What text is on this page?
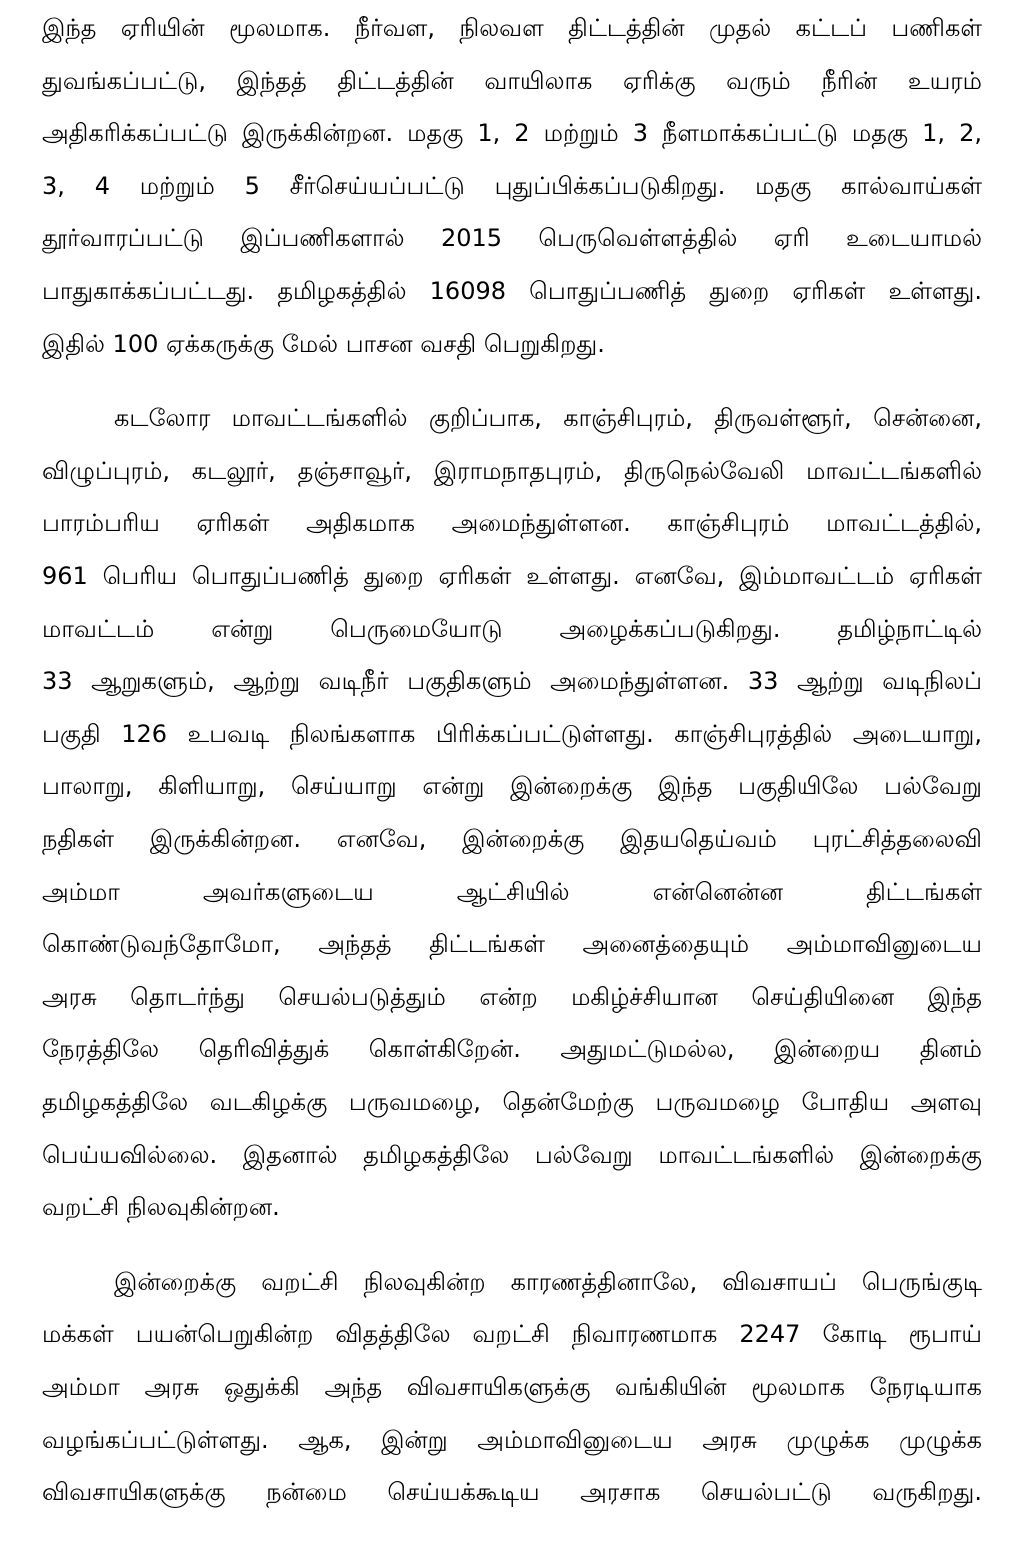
இந்த ஏரியின் மூலமாக. நீர்வள, நிலவள திட்டத்தின் முதல் கட்டப் பணிகள்
துவங்கப்பட்டு, இந்தத் திட்டத்தின் வாயிலாக ஏரிக்கு வரும் நீரின் உயரம்
அதிகரிக்கப்பட்டு இருக்கின்றன. மதகு 1, 2 மற்றும் 3 நீளமாக்கப்பட்டு மதகு 1, 2,
3, 4 மற்றும் 5 சீர்செய்யப்பட்டு புதுப்பிக்கப்படுகிறது. மதகு கால்வாய்கள்
தூர்வாரப்பட்டு இப்பணிகளால் 2015 பெருவெள்ளத்தில் ஏரி உடையாமல்
பாதுகாக்கப்பட்டது. தமிழகத்தில் 16098 பொதுப்பணித் துறை ஏரிகள் உள்ளது.
இதில் 100 ஏக்கருக்கு மேல் பாசன வசதி பெறுகிறது.
கடலோர மாவட்டங்களில் குறிப்பாக, காஞ்சிபுரம், திருவள்ளூர், சென்னை,
விழுப்புரம், கடலூர், தஞ்சாவூர், இராமநாதபுரம், திருநெல்வேலி மாவட்டங்களில்
பாரம்பரிய ஏரிகள் அதிகமாக அமைந்துள்ளன. காஞ்சிபுரம் மாவட்டத்தில்,
961 பெரிய பொதுப்பணித் துறை ஏரிகள் உள்ளது. எனவே, இம்மாவட்டம் ஏரிகள்
மாவட்டம் என்று பெருமையோடு அழைக்கப்படுகிறது. தமிழ்நாட்டில்
33 ஆறுகளும், ஆற்று வடிநீர் பகுதிகளும் அமைந்துள்ளன. 33 ஆற்று வடிநிலப்
பகுதி 126 உபவடி நிலங்களாக பிரிக்கப்பட்டுள்ளது. காஞ்சிபுரத்தில் அடையாறு,
பாலாறு, கிளியாறு, செய்யாறு என்று இன்றைக்கு இந்த பகுதியிலே பல்வேறு
நதிகள் இருக்கின்றன. எனவே, இன்றைக்கு இதயதெய்வம் புரட்சித்தலைவி
அம்மா அவர்களுடைய ஆட்சியில் என்னென்ன திட்டங்கள்
கொண்டுவந்தோமோ, அந்தத் திட்டங்கள் அனைத்தையும் அம்மாவினுடைய
அரசு தொடர்ந்து செயல்படுத்தும் என்ற மகிழ்ச்சியான செய்தியினை இந்த
நேரத்திலே தெரிவித்துக் கொள்கிறேன். அதுமட்டுமல்ல, இன்றைய தினம்
தமிழகத்திலே வடகிழக்கு பருவமழை, தென்மேற்கு பருவமழை போதிய அளவு
பெய்யவில்லை. இதனால் தமிழகத்திலே பல்வேறு மாவட்டங்களில் இன்றைக்கு
வறட்சி நிலவுகின்றன.
இன்றைக்கு வறட்சி நிலவுகின்ற காரணத்தினாலே, விவசாயப் பெருங்குடி
மக்கள் பயன்பெறுகின்ற விதத்திலே வறட்சி நிவாரணமாக 2247 கோடி ரூபாய்
அம்மா அரசு ஒதுக்கி அந்த விவசாயிகளுக்கு வங்கியின் மூலமாக நேரடியாக
வழங்கப்பட்டுள்ளது. ஆக, இன்று அம்மாவினுடைய அரசு முழுக்க முழுக்க
விவசாயிகளுக்கு நன்மை செய்யக்கூடிய அரசாக செயல்பட்டு வருகிறது.
